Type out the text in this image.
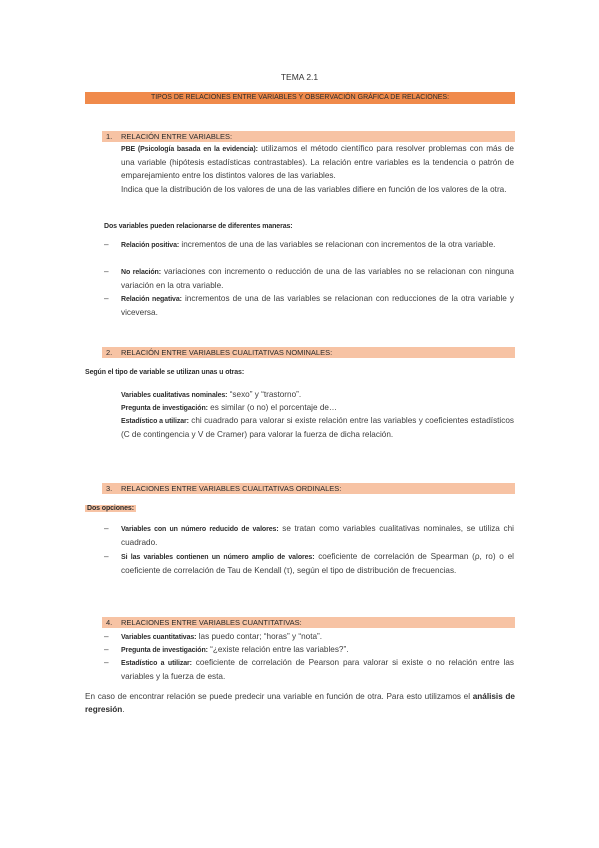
TEMA 2.1
TIPOS DE RELACIONES ENTRE VARIABLES Y OBSERVACIÓN GRÁFICA DE RELACIONES:
1. RELACIÓN ENTRE VARIABLES:
PBE (Psicología basada en la evidencia): utilizamos el método científico para resolver problemas con más de una variable (hipótesis estadísticas contrastables). La relación entre variables es la tendencia o patrón de emparejamiento entre los distintos valores de las variables.
Indica que la distribución de los valores de una de las variables difiere en función de los valores de la otra.
Dos variables pueden relacionarse de diferentes maneras:
– Relación positiva: incrementos de una de las variables se relacionan con incrementos de la otra variable.
– No relación: variaciones con incremento o reducción de una de las variables no se relacionan con ninguna variación en la otra variable.
– Relación negativa: incrementos de una de las variables se relacionan con reducciones de la otra variable y viceversa.
2. RELACIÓN ENTRE VARIABLES CUALITATIVAS NOMINALES:
Según el tipo de variable se utilizan unas u otras:
Variables cualitativas nominales: “sexo” y “trastorno”.
Pregunta de investigación: es similar (o no) el porcentaje de…
Estadístico a utilizar: chi cuadrado para valorar si existe relación entre las variables y coeficientes estadísticos (C de contingencia y V de Cramer) para valorar la fuerza de dicha relación.
3. RELACIONES ENTRE VARIABLES CUALITATIVAS ORDINALES:
Dos opciones:
– Variables con un número reducido de valores: se tratan como variables cualitativas nominales, se utiliza chi cuadrado.
– Si las variables contienen un número amplio de valores: coeficiente de correlación de Spearman (ρ, ro) o el coeficiente de correlación de Tau de Kendall (τ), según el tipo de distribución de frecuencias.
4. RELACIONES ENTRE VARIABLES CUANTITATIVAS:
– Variables cuantitativas: las puedo contar; “horas” y “nota”.
– Pregunta de investigación: “¿existe relación entre las variables?”.
– Estadístico a utilizar: coeficiente de correlación de Pearson para valorar si existe o no relación entre las variables y la fuerza de esta.
En caso de encontrar relación se puede predecir una variable en función de otra. Para esto utilizamos el análisis de regresión.
